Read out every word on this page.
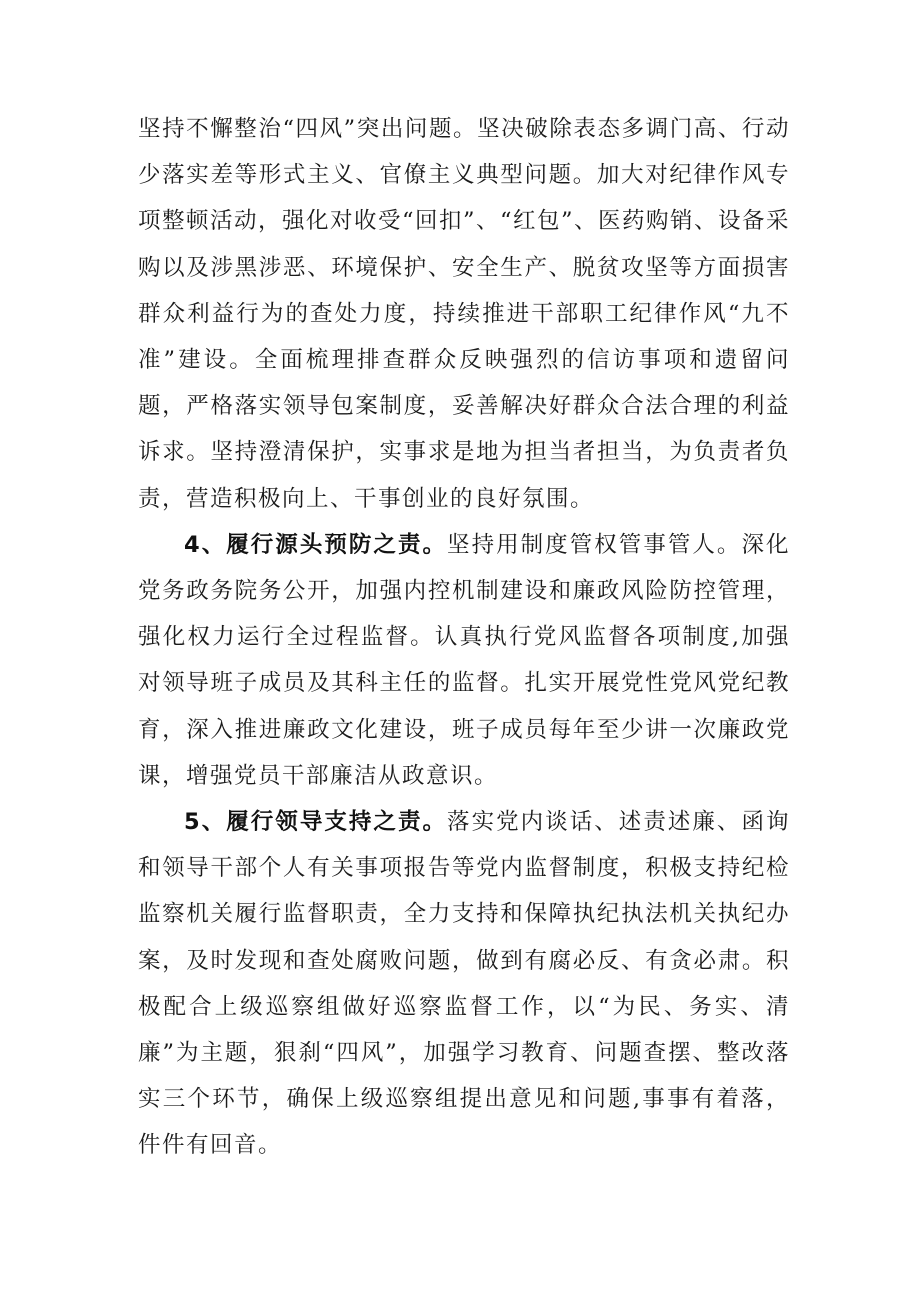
坚持不懈整治“四风”突出问题。坚决破除表态多调门高、行动少落实差等形式主义、官僚主义典型问题。加大对纪律作风专项整顿活动，强化对收受“回扣”、“红包”、医药购销、设备采购以及涉黑涉恶、环境保护、安全生产、脱贫攻坚等方面损害群众利益行为的查处力度，持续推进干部职工纪律作风“九不准”建设。全面梳理排查群众反映强烈的信访事项和遗留问题，严格落实领导包案制度，妥善解决好群众合法合理的利益诉求。坚持澄清保护，实事求是地为担当者担当，为负责者负责，营造积极向上、干事创业的良好氛围。

4、履行源头预防之责。坚持用制度管权管事管人。深化党务政务院务公开，加强内控机制建设和廉政风险防控管理，强化权力运行全过程监督。认真执行党风监督各项制度,加强对领导班子成员及其科主任的监督。扎实开展党性党风党纪教育，深入推进廉政文化建设，班子成员每年至少讲一次廉政党课，增强党员干部廉洁从政意识。

5、履行领导支持之责。落实党内谈话、述责述廉、函询和领导干部个人有关事项报告等党内监督制度，积极支持纪检监察机关履行监督职责，全力支持和保障执纪执法机关执纪办案，及时发现和查处腐败问题，做到有腐必反、有贪必肃。积极配合上级巡察组做好巡察监督工作，以“为民、务实、清廉”为主题，狠刹“四风”，加强学习教育、问题查摆、整改落实三个环节，确保上级巡察组提出意见和问题,事事有着落，件件有回音。
